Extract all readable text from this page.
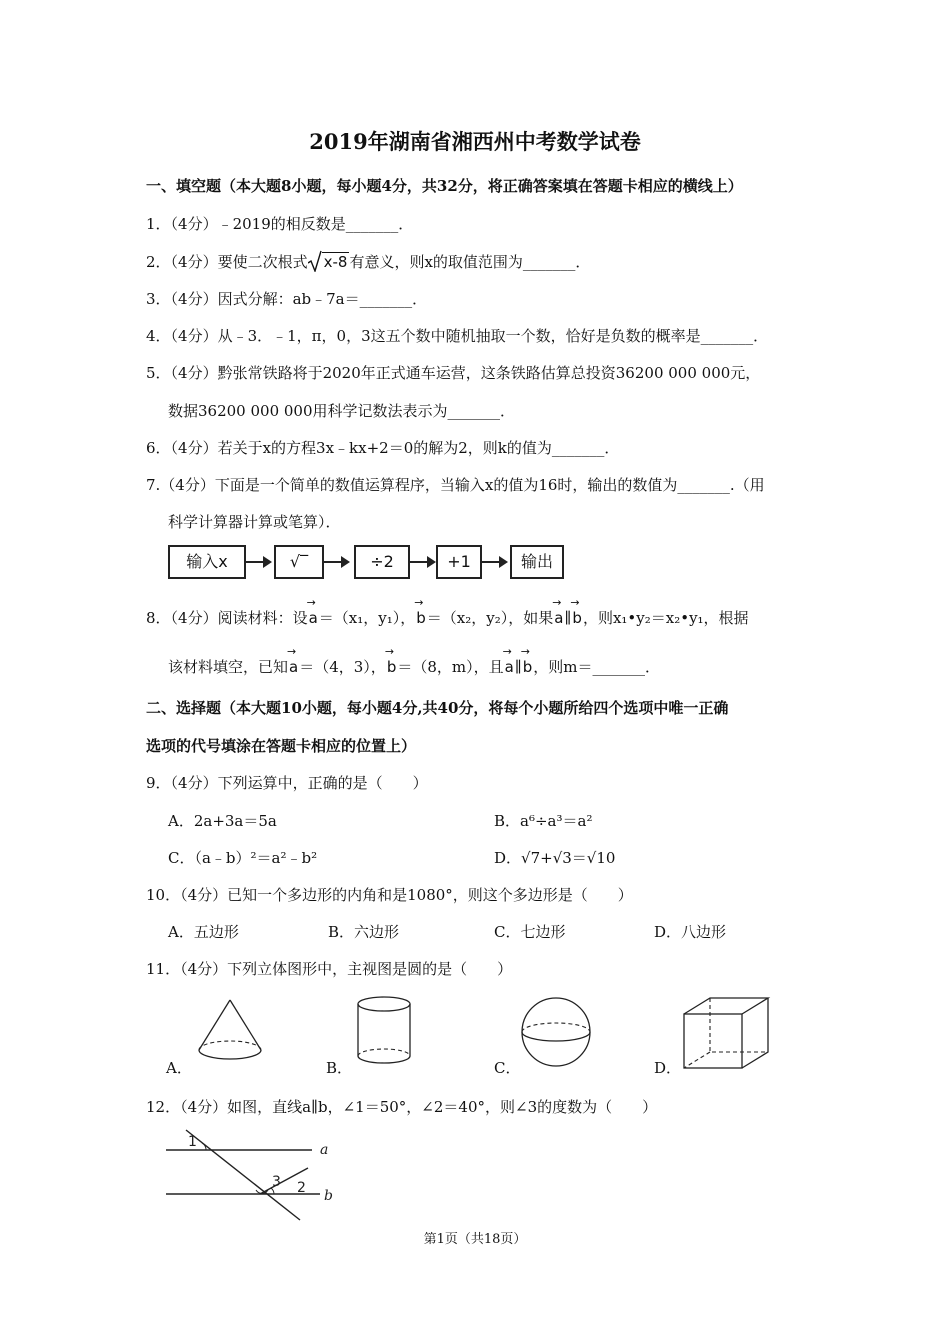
2019年湖南省湘西州中考数学试卷
一、填空题（本大题8小题，每小题4分，共32分，将正确答案填在答题卡相应的横线上）
1．（4分）﹣2019的相反数是_______．
2．（4分）要使二次根式 x-8 有意义，则x的取值范围为_______．
3．（4分）因式分解：ab﹣7a＝_______．
4．（4分）从﹣3．﹣1，π，0，3这五个数中随机抽取一个数，恰好是负数的概率是_______．
5．（4分）黔张常铁路将于2020年正式通车运营，这条铁路估算总投资36200 000 000元，
数据36200 000 000用科学记数法表示为_______．
6．（4分）若关于x的方程3x﹣kx+2＝0的解为2，则k的值为_______．
7.（4分）下面是一个简单的数值运算程序，当输入x的值为16时，输出的数值为_______.（用
科学计算器计算或笔算）．
输入x	√‾	÷2	+1	输出
8．（4分）阅读材料：设→ a＝（x₁，y₁），→ b＝（x₂，y₂），如果→ a∥→ b，则x₁•y₂＝x₂•y₁，根据
该材料填空，已知→ a＝（4，3），→ b＝（8，m），且→ a∥→ b，则m＝_______．
二、选择题（本大题10小题，每小题4分,共40分，将每个小题所给四个选项中唯一正确
选项的代号填涂在答题卡相应的位置上）
9．（4分）下列运算中，正确的是（　　）
A．2a+3a＝5a	B．a⁶÷a³＝a²
C．（a﹣b）²＝a²﹣b²	D．√7+√3＝√10
10．（4分）已知一个多边形的内角和是1080°，则这个多边形是（　　）
A．五边形	B．六边形	C．七边形	D．八边形
11．（4分）下列立体图形中，主视图是圆的是（　　）
A．	B．	C．	D．
12．（4分）如图，直线a∥b，∠1＝50°，∠2＝40°，则∠3的度数为（　　）
1
3 2
a
b
第1页（共18页）
